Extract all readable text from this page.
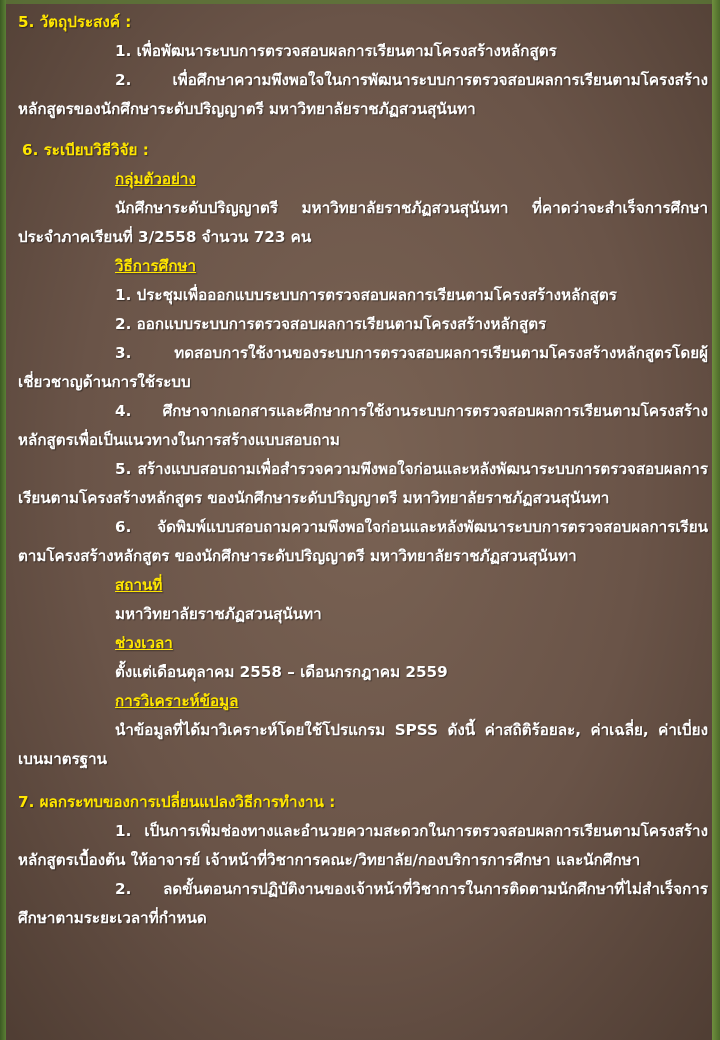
5. วัตถุประสงค์ :

1. เพื่อพัฒนาระบบการตรวจสอบผลการเรียนตามโครงสร้างหลักสูตร

2. เพื่อศึกษาความพึงพอใจในการพัฒนาระบบการตรวจสอบผลการเรียนตามโครงสร้างหลักสูตรของนักศึกษาระดับปริญญาตรี มหาวิทยาลัยราชภัฏสวนสุนันทา

6. ระเบียบวิธีวิจัย :
กลุ่มตัวอย่าง

นักศึกษาระดับปริญญาตรี มหาวิทยาลัยราชภัฏสวนสุนันทา ที่คาดว่าจะสำเร็จการศึกษา ประจำภาคเรียนที่ 3/2558 จำนวน 723 คน

วิธีการศึกษา

1. ประชุมเพื่อออกแบบระบบการตรวจสอบผลการเรียนตามโครงสร้างหลักสูตร

2. ออกแบบระบบการตรวจสอบผลการเรียนตามโครงสร้างหลักสูตร

3. ทดสอบการใช้งานของระบบการตรวจสอบผลการเรียนตามโครงสร้างหลักสูตรโดยผู้เชี่ยวชาญด้านการใช้ระบบ

4. ศึกษาจากเอกสารและศึกษาการใช้งานระบบการตรวจสอบผลการเรียนตามโครงสร้างหลักสูตรเพื่อเป็นแนวทางในการสร้างแบบสอบถาม

5. สร้างแบบสอบถามเพื่อสำรวจความพึงพอใจก่อนและหลังพัฒนาระบบการตรวจสอบผลการเรียนตามโครงสร้างหลักสูตร ของนักศึกษาระดับปริญญาตรี มหาวิทยาลัยราชภัฏสวนสุนันทา

6. จัดพิมพ์แบบสอบถามความพึงพอใจก่อนและหลังพัฒนาระบบการตรวจสอบผลการเรียนตามโครงสร้างหลักสูตร ของนักศึกษาระดับปริญญาตรี มหาวิทยาลัยราชภัฏสวนสุนันทา

สถานที่

มหาวิทยาลัยราชภัฏสวนสุนันทา

ช่วงเวลา

ตั้งแต่เดือนตุลาคม 2558 – เดือนกรกฎาคม 2559

การวิเคราะห์ข้อมูล

นำข้อมูลที่ได้มาวิเคราะห์โดยใช้โปรแกรม SPSS ดังนี้ ค่าสถิติร้อยละ, ค่าเฉลี่ย, ค่าเบี่ยงเบนมาตรฐาน

7. ผลกระทบของการเปลี่ยนแปลงวิธีการทำงาน :

1. เป็นการเพิ่มช่องทางและอำนวยความสะดวกในการตรวจสอบผลการเรียนตามโครงสร้างหลักสูตรเบื้องต้น ให้อาจารย์ เจ้าหน้าที่วิชาการคณะ/วิทยาลัย/กองบริการการศึกษา และนักศึกษา

2. ลดขั้นตอนการปฏิบัติงานของเจ้าหน้าที่วิชาการในการติดตามนักศึกษาที่ไม่สำเร็จการศึกษาตามระยะเวลาที่กำหนด
